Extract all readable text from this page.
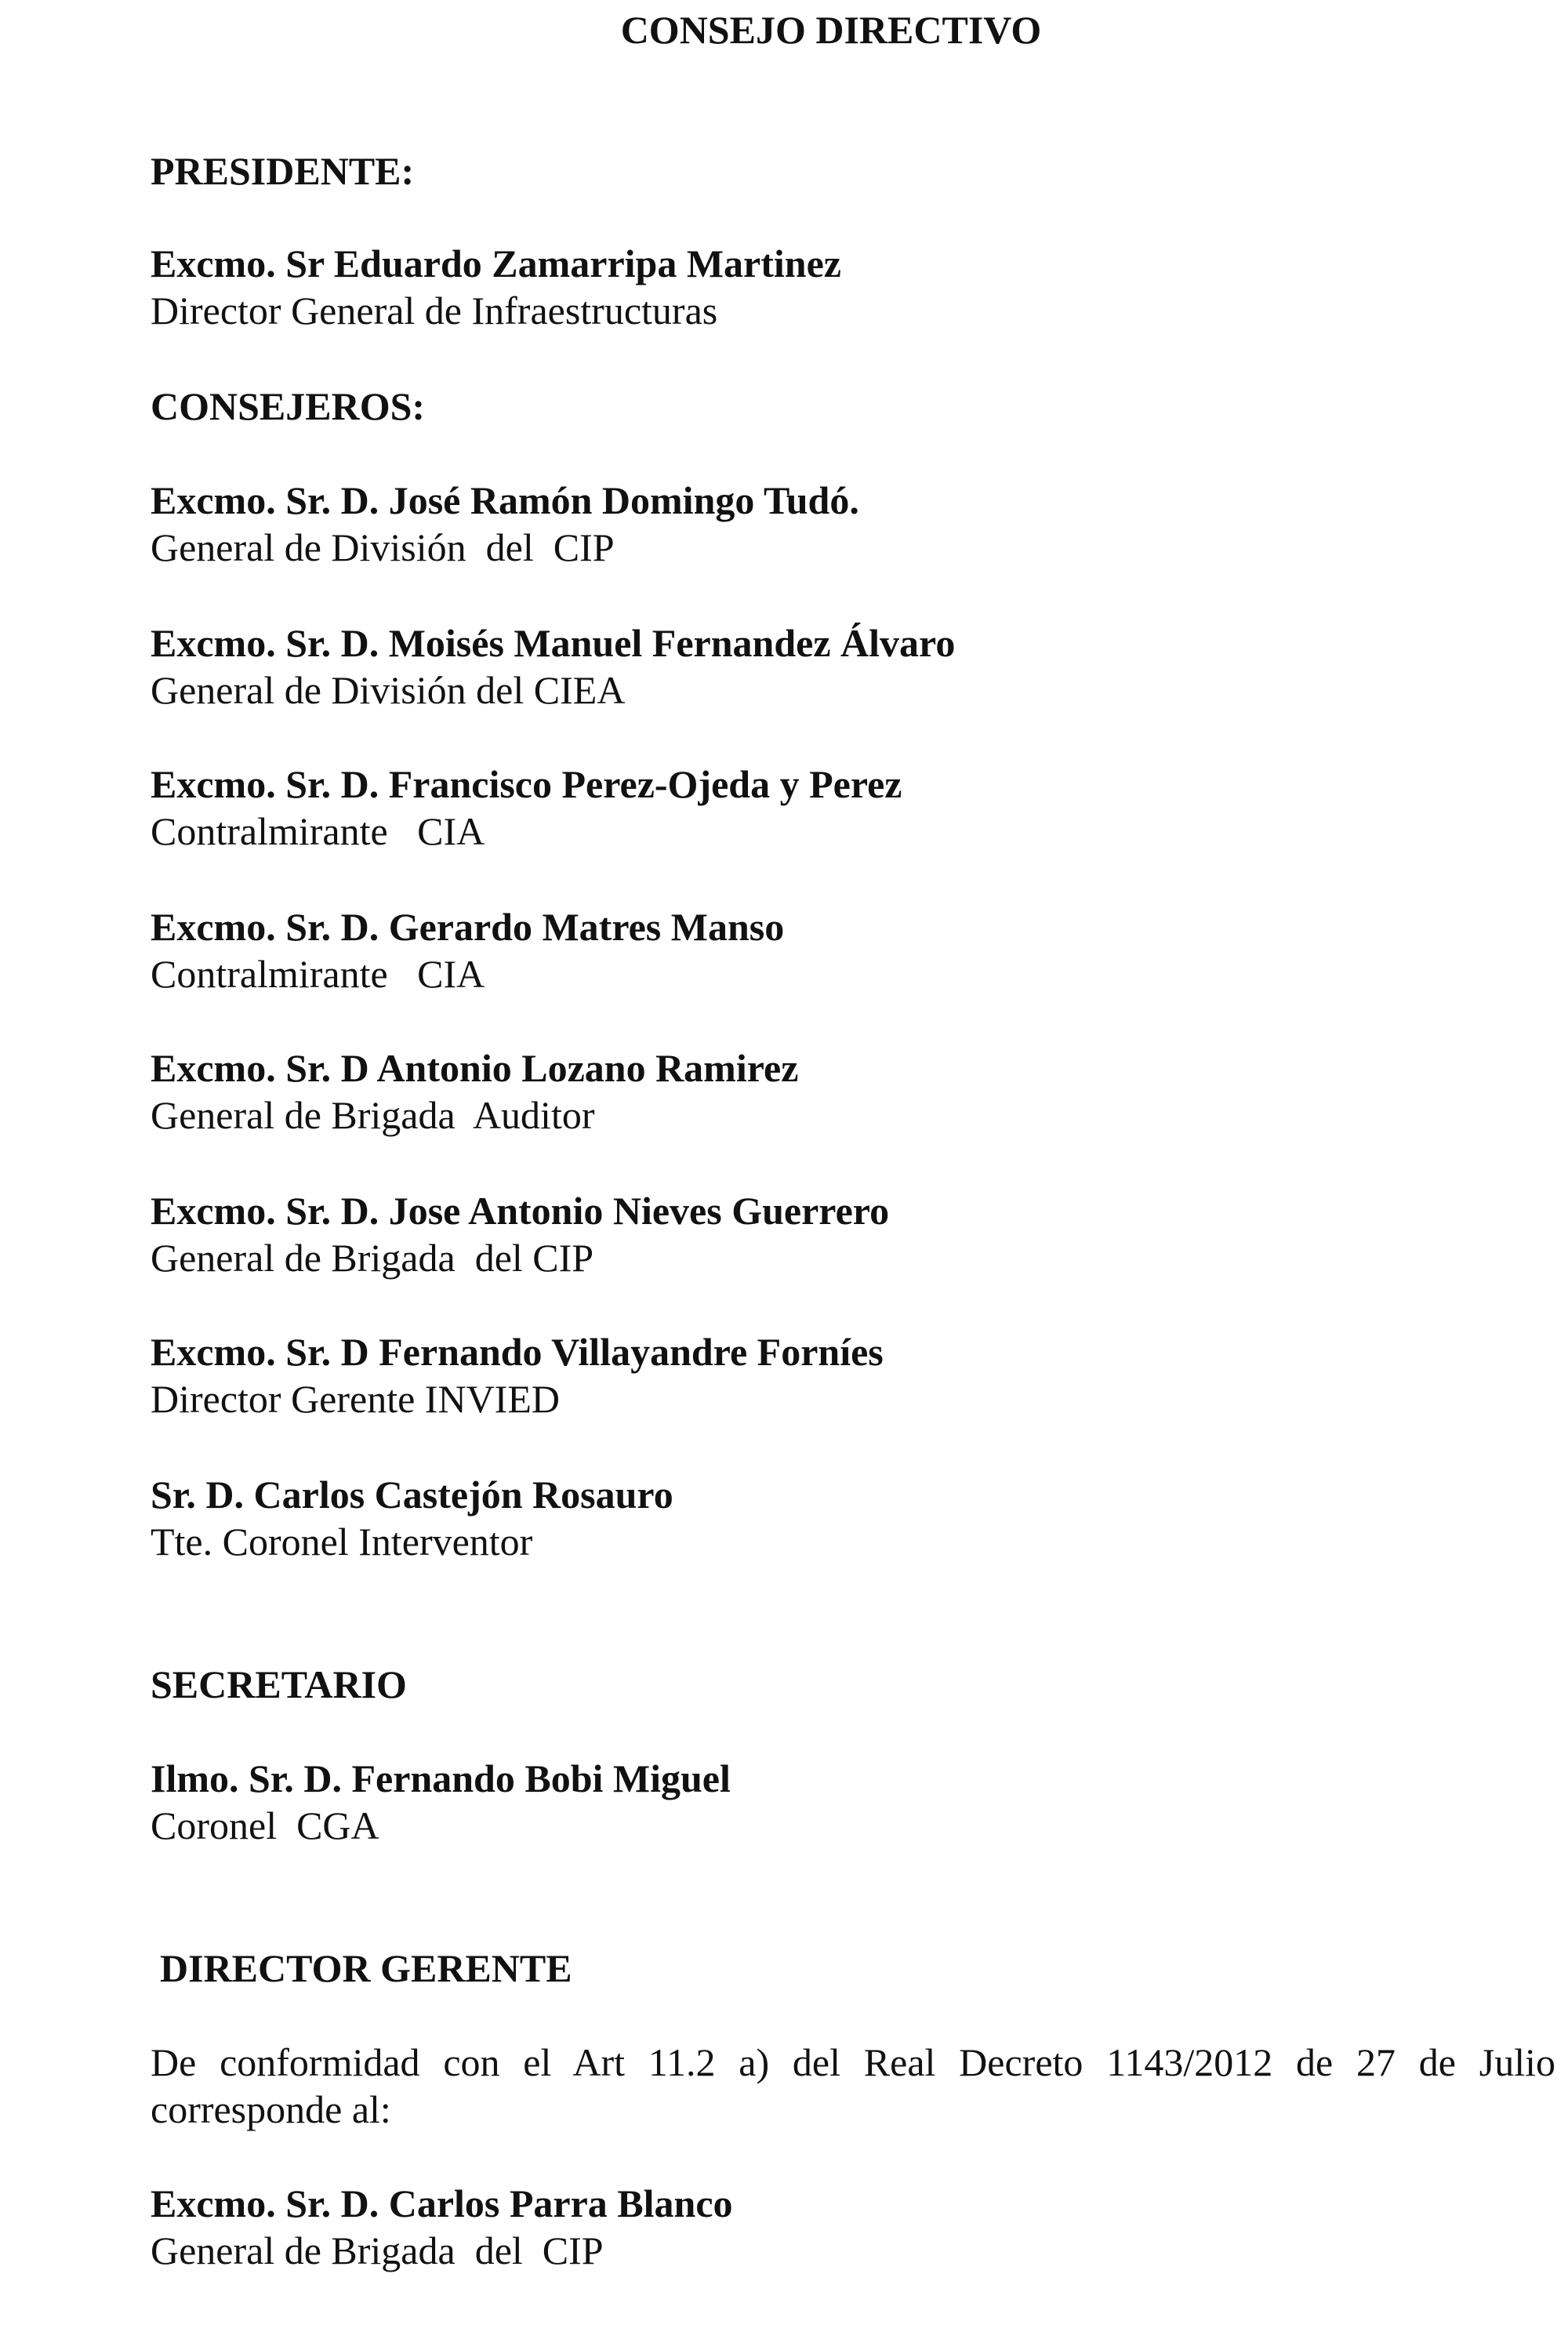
CONSEJO DIRECTIVO
PRESIDENTE:
Excmo. Sr Eduardo Zamarripa Martinez
Director General de Infraestructuras
CONSEJEROS:
Excmo. Sr. D. José Ramón Domingo Tudó.
General de División  del  CIP
Excmo. Sr. D. Moisés Manuel Fernandez Álvaro
General de División del CIEA
Excmo. Sr. D. Francisco Perez-Ojeda y Perez
Contralmirante   CIA
Excmo. Sr. D. Gerardo Matres Manso
Contralmirante   CIA
Excmo. Sr. D Antonio Lozano Ramirez
General de Brigada  Auditor
Excmo. Sr. D. Jose Antonio Nieves Guerrero
General de Brigada  del CIP
Excmo. Sr. D Fernando Villayandre Forníes
Director Gerente INVIED
Sr. D. Carlos Castejón Rosauro
Tte. Coronel Interventor
SECRETARIO
Ilmo. Sr. D. Fernando Bobi Miguel
Coronel  CGA
DIRECTOR GERENTE
De conformidad con el Art 11.2 a) del Real Decreto 1143/2012 de 27 de Julio
corresponde al:
Excmo. Sr. D. Carlos Parra Blanco
General de Brigada  del  CIP
